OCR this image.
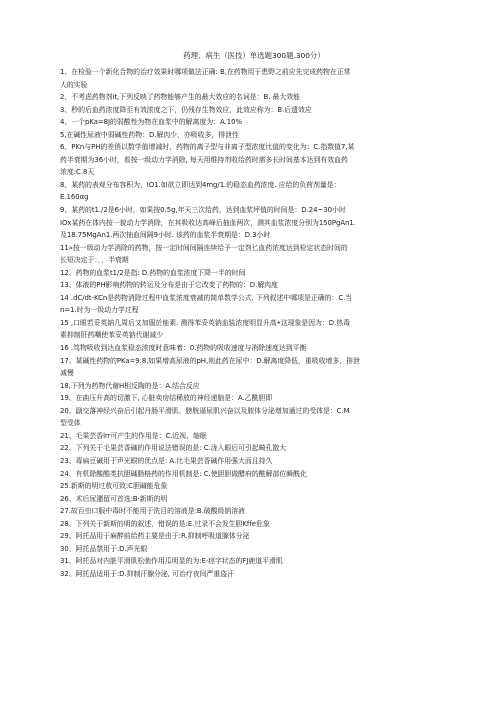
药理、病生（医技）单选题300题.300分）
1、在检验一个新化合物的治疗效果时哪项做法正确: B,在药物用于患野之前应先完成药物在正常
人的实验
2、不考虑药物剂it,下列反映了药物能够产生的最大效应的名词是：B. 最大效能
3、秒的后血药浓度降至有效浓度之下，仍残存生物效应，此效应称为：B.后遗效应
4、一个pKa=8J的弱酸性为物在血浆中的解离度为：A.10%
5,在碱性尿液中弱碱性药物：D.解肉少，亦吸收多，排泄性
6、PKn与PH的差俏以数学值增减时，药物的离子型与非离子型浓度比值的变化为：C.指数值7,某
药半衰期为36小时，看按一级动力学消除, 每天用维持剂收给药时需多长时间基本达到有效血药
浓度:C.8天
8、某药的表观分布容积为，IO1.如欲立即达到4mg/1.的稳态血药浓度. 应给的负荷剂量是：
E.160αg
9、某药的t1./2是6小时，如果按0.5g,年天三次给药，达到血浆坪值的时间是：D.24~30小时
IOx某药在体内按一貌动力学消除，在其吸收达高峰后抽血两次，测其血浆浓度分别为150PgAn1.
及18.75MgAn1.两次抽血间隔9小时. 该药的血浆半衰期是：D.3小时
11»按一级动力学消除的药物，按一定时间间隔连续给予一定剂匕血药浓度达到检定状态时间的
长短决定于：．．半衰期
12、药物的血浆t1/2是指: D.药物的血浆浓度下降一半的时间
13、体液的PH影响药物的转运及分布是由于它改变了药物的：D.解肉度
14 .dC/dt-KCn是药物消除过程中血浆浓度衰减的简单数学公式. 下列叙述中哪项是正确的：C.当
n=1.时为一级动力学过程
15 ,口眼若妥英钠几周后又加服於能素. 测得苯妥英钠血装浓度明显升高•这现象是因为：D.热毒
素抑制肝药嘲使苯妥英钠代谢减少
16 .笃物吸收到达血浆稳态浓度时意味着：0.药物的吸收速度与消除速度达到平衡
17、某碱性药物的PKa=9.8,如果增高尿液的pH,则此药在尿中：D.解离度降低，重吸收增多，排泄
减慢
18,下列为药物代谢H相反陶的是：A.结合反应
19、在曲压升高的切激下, 心脏卖房结稀放的神经递脑是：A.乙酰胆即
20、副交落神经兴奋后引起丹肠平滑肌、膀胱逼尿肌兴奋以及脓体分泌增加通过的受体是：C.M
型受体
21、毛果芸香lrr可产生的作用是：C.近视、缩眠
22、下列关于毛果芸香碱的作用说法错误的是: C.泷入眼后可引起畸孔散大
23、毒扁豆碱用于声光眼的优点是: A.比毛果芸香碱作用强大而且持久
24、有机除酸酷类抗胆碱脂格药的作用机制是: C.使胆胆做醋府的酰解部位瞬酰化
25.新斯的明过敖可致:C胆碱能危象
26、术后尿潴留可首选:B·新斯的明
27.故百虫口服中毒时不能用于洗目的溶液是:B.破酸级钠溶液
28、下列关于新斯的明的叙述，错误的是:E.过录不会发生胆Kffe危象
29、阿托品用于麻醉前给药主要是由于:R.抑制呼吸道腺体分泌
30、阿托品禁用于:D.声光眼
31、阿托品对内脏平滑肌松弛作用瓜明显的为:E·痉字状态的FJ鹿道平滑肌
32、阿托品适用于:D.抑制汗腺分泌, 可治疗夜间严重盗汗
